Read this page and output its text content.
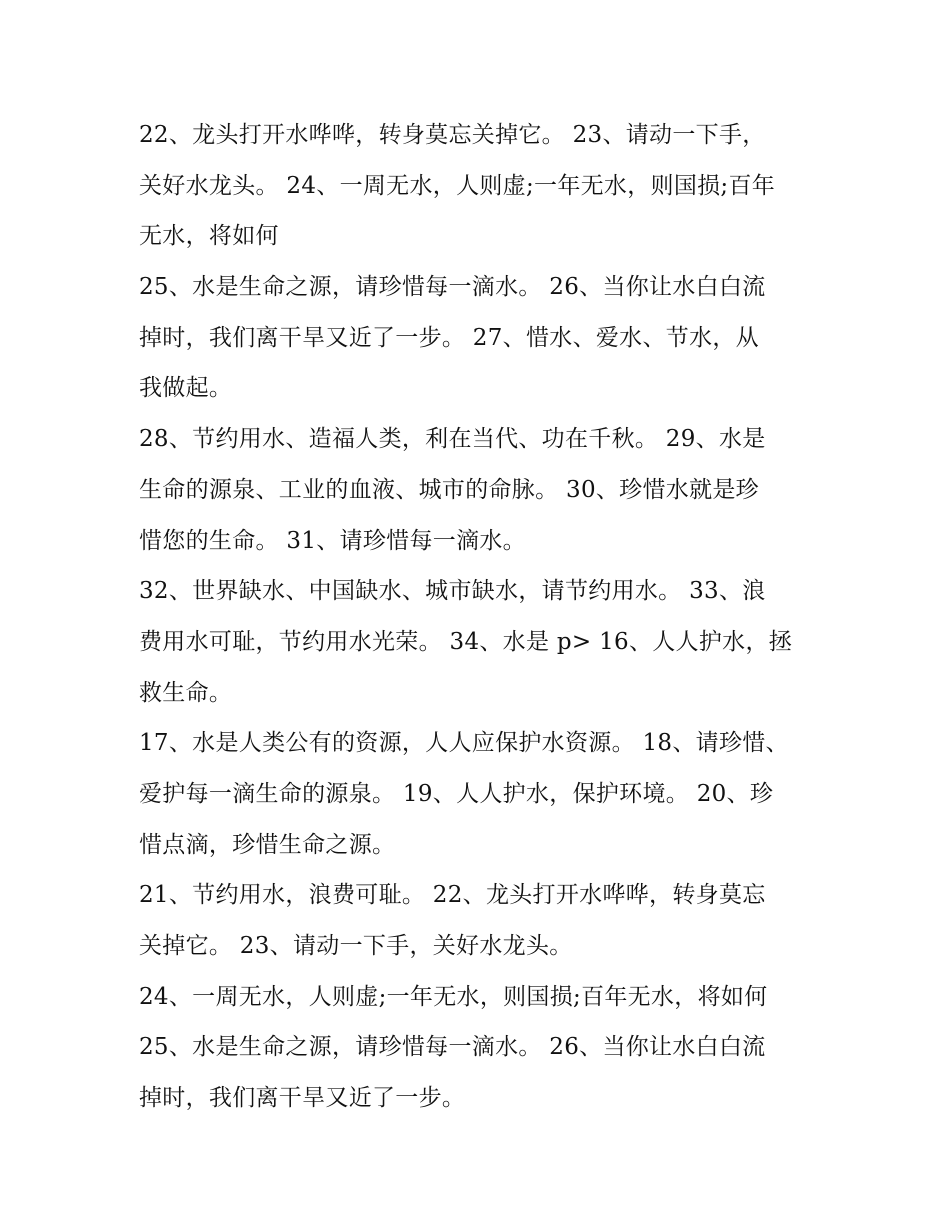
22、龙头打开水哗哗，转身莫忘关掉它。 23、请动一下手，
关好水龙头。 24、一周无水，人则虚;一年无水，则国损;百年
无水，将如何
25、水是生命之源，请珍惜每一滴水。 26、当你让水白白流
掉时，我们离干旱又近了一步。 27、惜水、爱水、节水，从
我做起。
28、节约用水、造福人类，利在当代、功在千秋。 29、水是
生命的源泉、工业的血液、城市的命脉。 30、珍惜水就是珍
惜您的生命。 31、请珍惜每一滴水。
32、世界缺水、中国缺水、城市缺水，请节约用水。 33、浪
费用水可耻，节约用水光荣。 34、水是 p> 16、人人护水，拯
救生命。
17、水是人类公有的资源，人人应保护水资源。 18、请珍惜、
爱护每一滴生命的源泉。 19、人人护水，保护环境。 20、珍
惜点滴，珍惜生命之源。
21、节约用水，浪费可耻。 22、龙头打开水哗哗，转身莫忘
关掉它。 23、请动一下手，关好水龙头。
24、一周无水，人则虚;一年无水，则国损;百年无水，将如何
25、水是生命之源，请珍惜每一滴水。 26、当你让水白白流
掉时，我们离干旱又近了一步。
